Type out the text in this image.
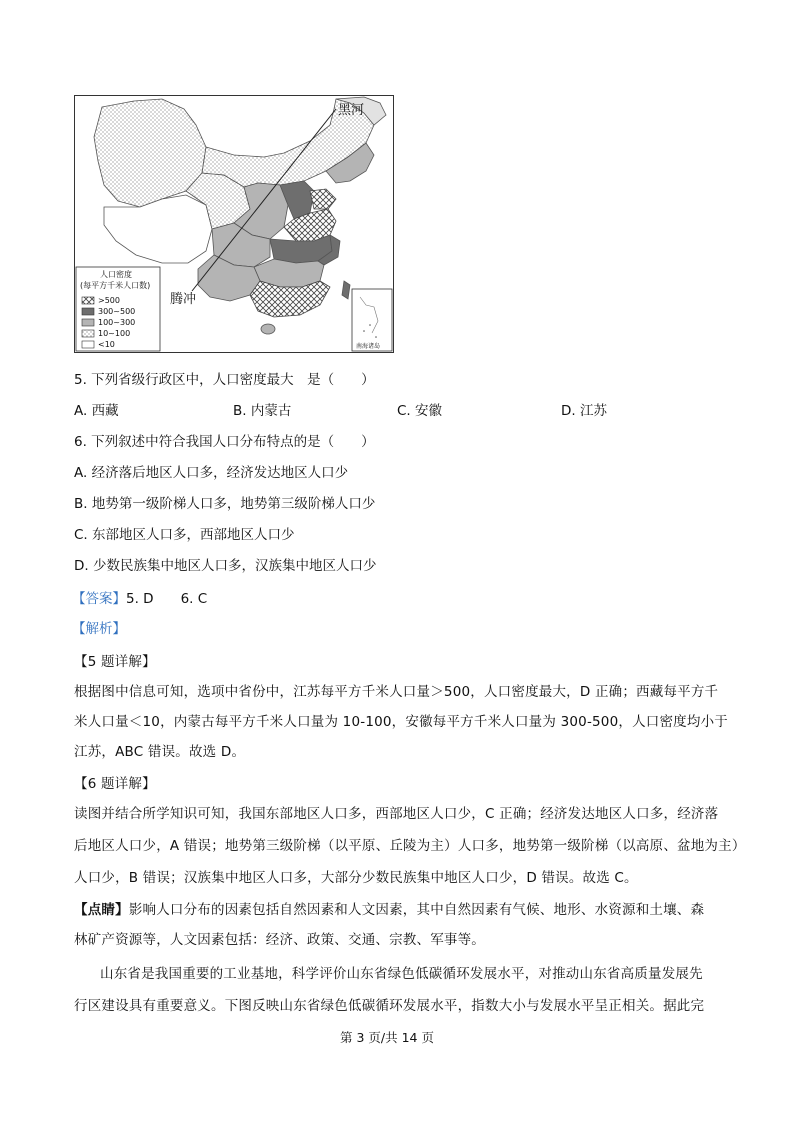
黑河
腾冲
人口密度
(每平方千米人口数)
>500
300~500
100~300
10~100
<10	南海诸岛
5. 下列省级行政区中，人口密度最大　是（　　）
A. 西藏	B. 内蒙古	C. 安徽	D. 江苏
6. 下列叙述中符合我国人口分布特点的是（　　）
A. 经济落后地区人口多，经济发达地区人口少
B. 地势第一级阶梯人口多，地势第三级阶梯人口少
C. 东部地区人口多，西部地区人口少
D. 少数民族集中地区人口多，汉族集中地区人口少
【答案】5. D　　6. C
【解析】
【5 题详解】
根据图中信息可知，选项中省份中，江苏每平方千米人口量＞500，人口密度最大，D 正确；西藏每平方千
米人口量＜10，内蒙古每平方千米人口量为 10-100，安徽每平方千米人口量为 300-500，人口密度均小于
江苏，ABC 错误。故选 D。
【6 题详解】
读图并结合所学知识可知，我国东部地区人口多，西部地区人口少，C 正确；经济发达地区人口多，经济落
后地区人口少，A 错误；地势第三级阶梯（以平原、丘陵为主）人口多，地势第一级阶梯（以高原、盆地为主）
人口少，B 错误；汉族集中地区人口多，大部分少数民族集中地区人口少，D 错误。故选 C。
【点睛】影响人口分布的因素包括自然因素和人文因素，其中自然因素有气候、地形、水资源和土壤、森
林矿产资源等，人文因素包括：经济、政策、交通、宗教、军事等。
山东省是我国重要的工业基地，科学评价山东省绿色低碳循环发展水平，对推动山东省高质量发展先
行区建设具有重要意义。下图反映山东省绿色低碳循环发展水平，指数大小与发展水平呈正相关。据此完
第 3 页/共 14 页
